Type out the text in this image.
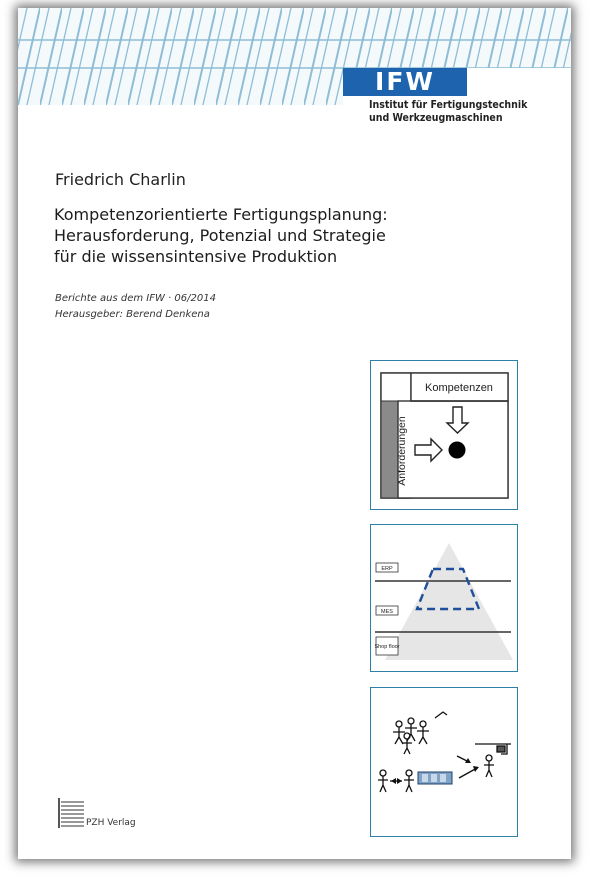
IFW
Institut für Fertigungstechnik
und Werkzeugmaschinen
Friedrich Charlin
Kompetenzorientierte Fertigungsplanung:
Herausforderung, Potenzial und Strategie
für die wissensintensive Produktion
Berichte aus dem IFW · 06/2014
Herausgeber: Berend Denkena
Kompetenzen
Anforderungen
ERP
MES
Shop floor
PZH Verlag
